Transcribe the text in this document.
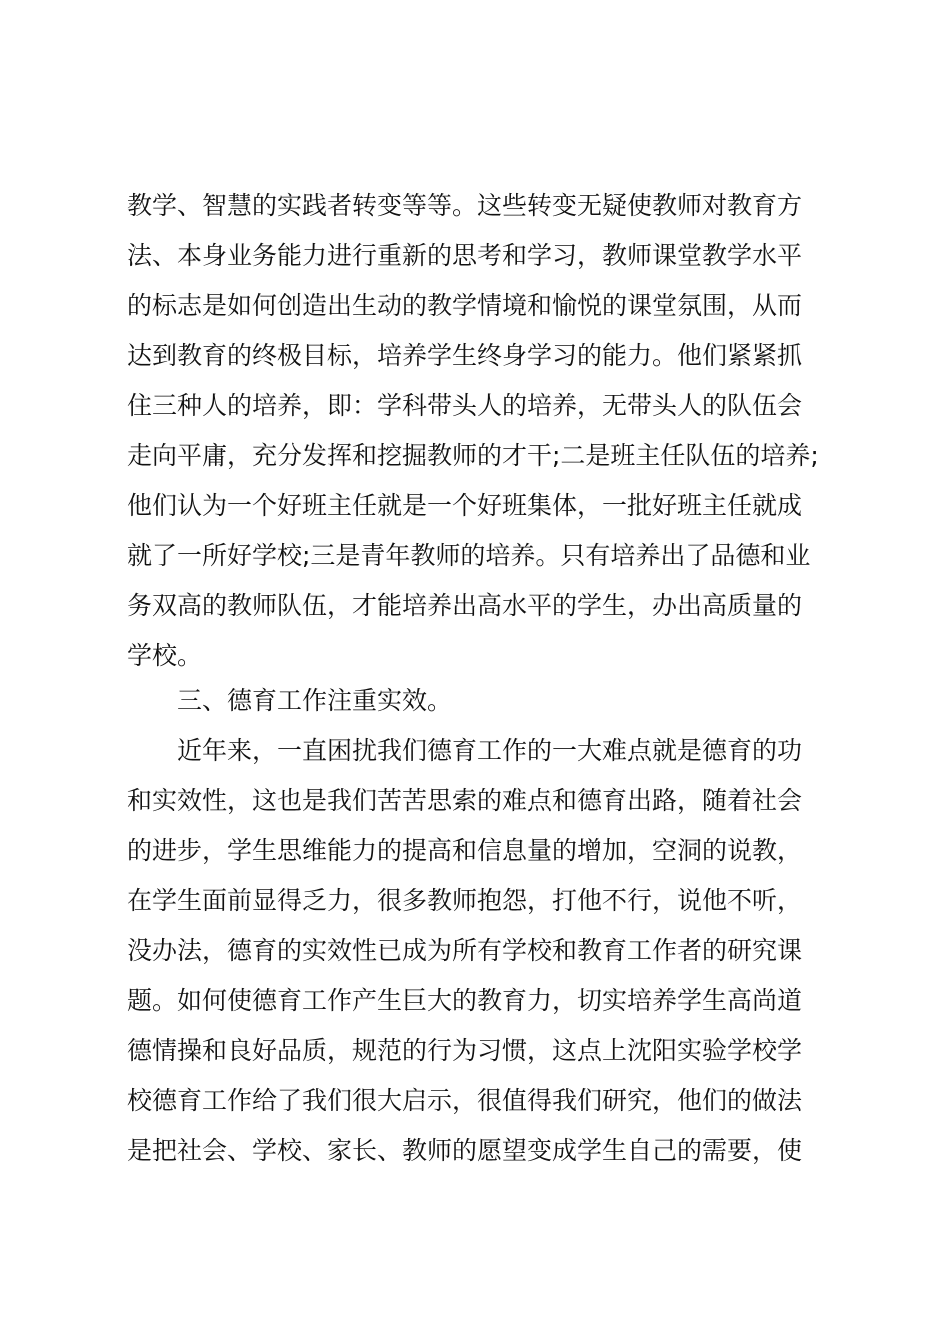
教学、智慧的实践者转变等等。这些转变无疑使教师对教育方
法、本身业务能力进行重新的思考和学习，教师课堂教学水平
的标志是如何创造出生动的教学情境和愉悦的课堂氛围，从而
达到教育的终极目标，培养学生终身学习的能力。他们紧紧抓
住三种人的培养，即：学科带头人的培养，无带头人的队伍会
走向平庸，充分发挥和挖掘教师的才干;二是班主任队伍的培养;
他们认为一个好班主任就是一个好班集体，一批好班主任就成
就了一所好学校;三是青年教师的培养。只有培养出了品德和业
务双高的教师队伍，才能培养出高水平的学生，办出高质量的
学校。
三、德育工作注重实效。
近年来，一直困扰我们德育工作的一大难点就是德育的功
和实效性，这也是我们苦苦思索的难点和德育出路，随着社会
的进步，学生思维能力的提高和信息量的增加，空洞的说教，
在学生面前显得乏力，很多教师抱怨，打他不行，说他不听，
没办法，德育的实效性已成为所有学校和教育工作者的研究课
题。如何使德育工作产生巨大的教育力，切实培养学生高尚道
德情操和良好品质，规范的行为习惯，这点上沈阳实验学校学
校德育工作给了我们很大启示，很值得我们研究，他们的做法
是把社会、学校、家长、教师的愿望变成学生自己的需要，使
